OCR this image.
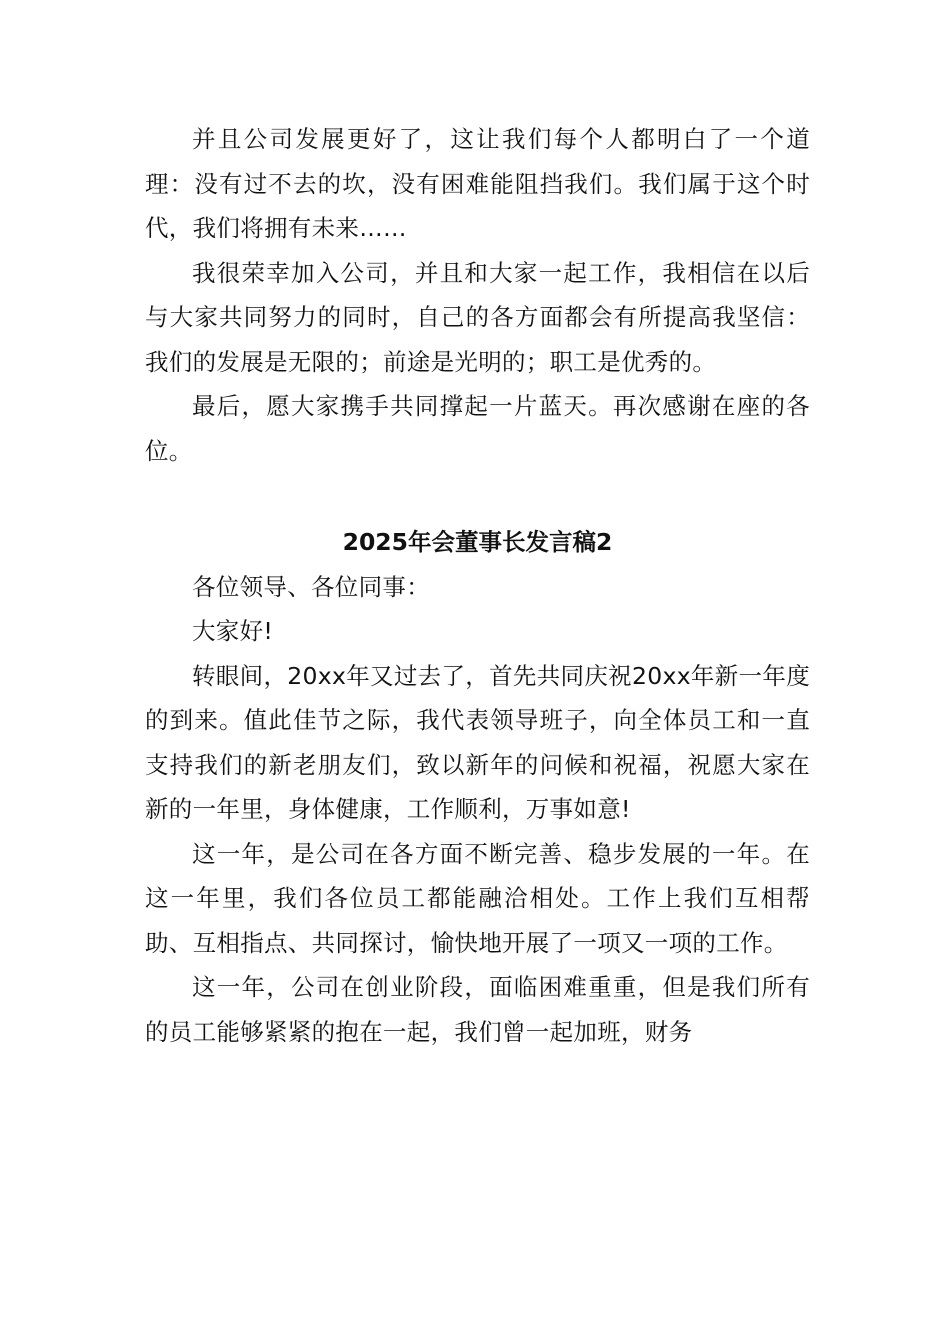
并且公司发展更好了，这让我们每个人都明白了一个道理：没有过不去的坎，没有困难能阻挡我们。我们属于这个时代，我们将拥有未来……

我很荣幸加入公司，并且和大家一起工作，我相信在以后与大家共同努力的同时，自己的各方面都会有所提高我坚信：我们的发展是无限的；前途是光明的；职工是优秀的。

最后，愿大家携手共同撑起一片蓝天。再次感谢在座的各位。

2025年会董事长发言稿2

各位领导、各位同事：

大家好!

转眼间，20xx年又过去了，首先共同庆祝20xx年新一年度的到来。值此佳节之际，我代表领导班子，向全体员工和一直支持我们的新老朋友们，致以新年的问候和祝福，祝愿大家在新的一年里，身体健康，工作顺利，万事如意!

这一年，是公司在各方面不断完善、稳步发展的一年。在这一年里，我们各位员工都能融洽相处。工作上我们互相帮助、互相指点、共同探讨，愉快地开展了一项又一项的工作。

这一年，公司在创业阶段，面临困难重重，但是我们所有的员工能够紧紧的抱在一起，我们曾一起加班，财务
